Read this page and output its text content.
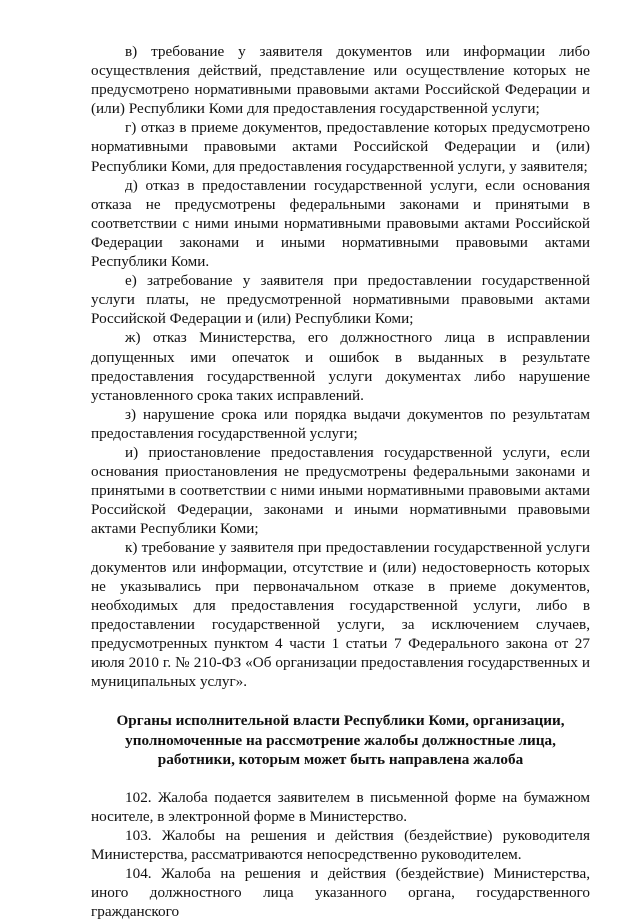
в) требование у заявителя документов или информации либо осуществления действий, представление или осуществление которых не предусмотрено нормативными правовыми актами Российской Федерации и (или) Республики Коми для предоставления государственной услуги;

г) отказ в приеме документов, предоставление которых предусмотрено нормативными правовыми актами Российской Федерации и (или) Республики Коми, для предоставления государственной услуги, у заявителя;

д) отказ в предоставлении государственной услуги, если основания отказа не предусмотрены федеральными законами и принятыми в соответствии с ними иными нормативными правовыми актами Российской Федерации законами и иными нормативными правовыми актами Республики Коми.

е) затребование у заявителя при предоставлении государственной услуги платы, не предусмотренной нормативными правовыми актами Российской Федерации и (или) Республики Коми;

ж) отказ Министерства, его должностного лица в исправлении допущенных ими опечаток и ошибок в выданных в результате предоставления государственной услуги документах либо нарушение установленного срока таких исправлений.

з) нарушение срока или порядка выдачи документов по результатам предоставления государственной услуги;

и) приостановление предоставления государственной услуги, если основания приостановления не предусмотрены федеральными законами и принятыми в соответствии с ними иными нормативными правовыми актами Российской Федерации, законами и иными нормативными правовыми актами Республики Коми;

к) требование у заявителя при предоставлении государственной услуги документов или информации, отсутствие и (или) недостоверность которых не указывались при первоначальном отказе в приеме документов, необходимых для предоставления государственной услуги, либо в предоставлении государственной услуги, за исключением случаев, предусмотренных пунктом 4 части 1 статьи 7 Федерального закона от 27 июля 2010 г. № 210-ФЗ «Об организации предоставления государственных и муниципальных услуг».

Органы исполнительной власти Республики Коми, организации,
уполномоченные на рассмотрение жалобы должностные лица,
работники, которым может быть направлена жалоба

102. Жалоба подается заявителем в письменной форме на бумажном носителе, в электронной форме в Министерство.

103. Жалобы на решения и действия (бездействие) руководителя Министерства, рассматриваются непосредственно руководителем.

104. Жалоба на решения и действия (бездействие) Министерства, иного должностного лица указанного органа, государственного гражданского
